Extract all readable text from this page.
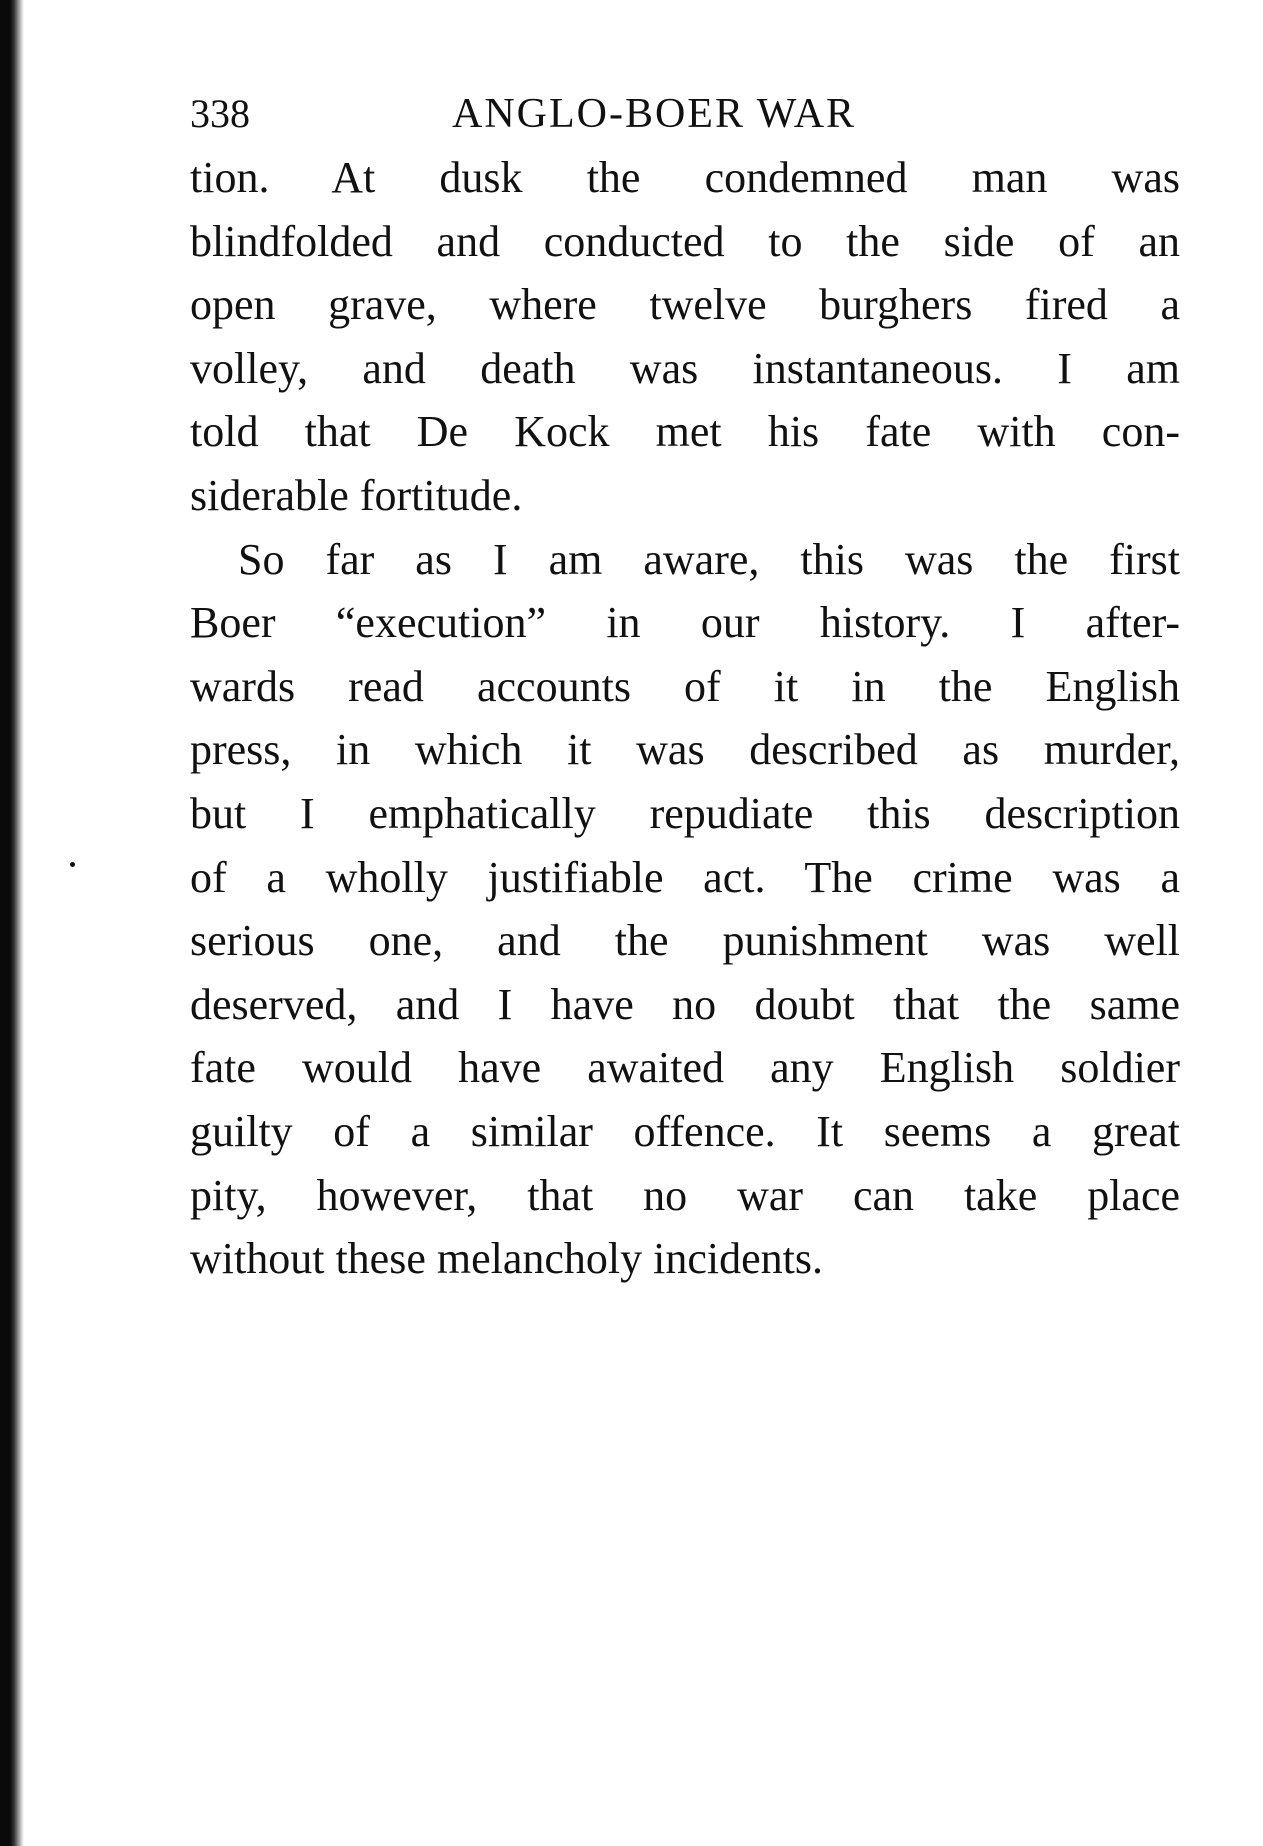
338	ANGLO-BOER WAR
tion. At dusk the condemned man was
blindfolded and conducted to the side of an
open grave, where twelve burghers fired a
volley, and death was instantaneous. I am
told that De Kock met his fate with con-
siderable fortitude.
So far as I am aware, this was the first
Boer “execution” in our history. I after-
wards read accounts of it in the English
press, in which it was described as murder,
but I emphatically repudiate this description
of a wholly justifiable act. The crime was a
serious one, and the punishment was well
deserved, and I have no doubt that the same
fate would have awaited any English soldier
guilty of a similar offence. It seems a great
pity, however, that no war can take place
without these melancholy incidents.
